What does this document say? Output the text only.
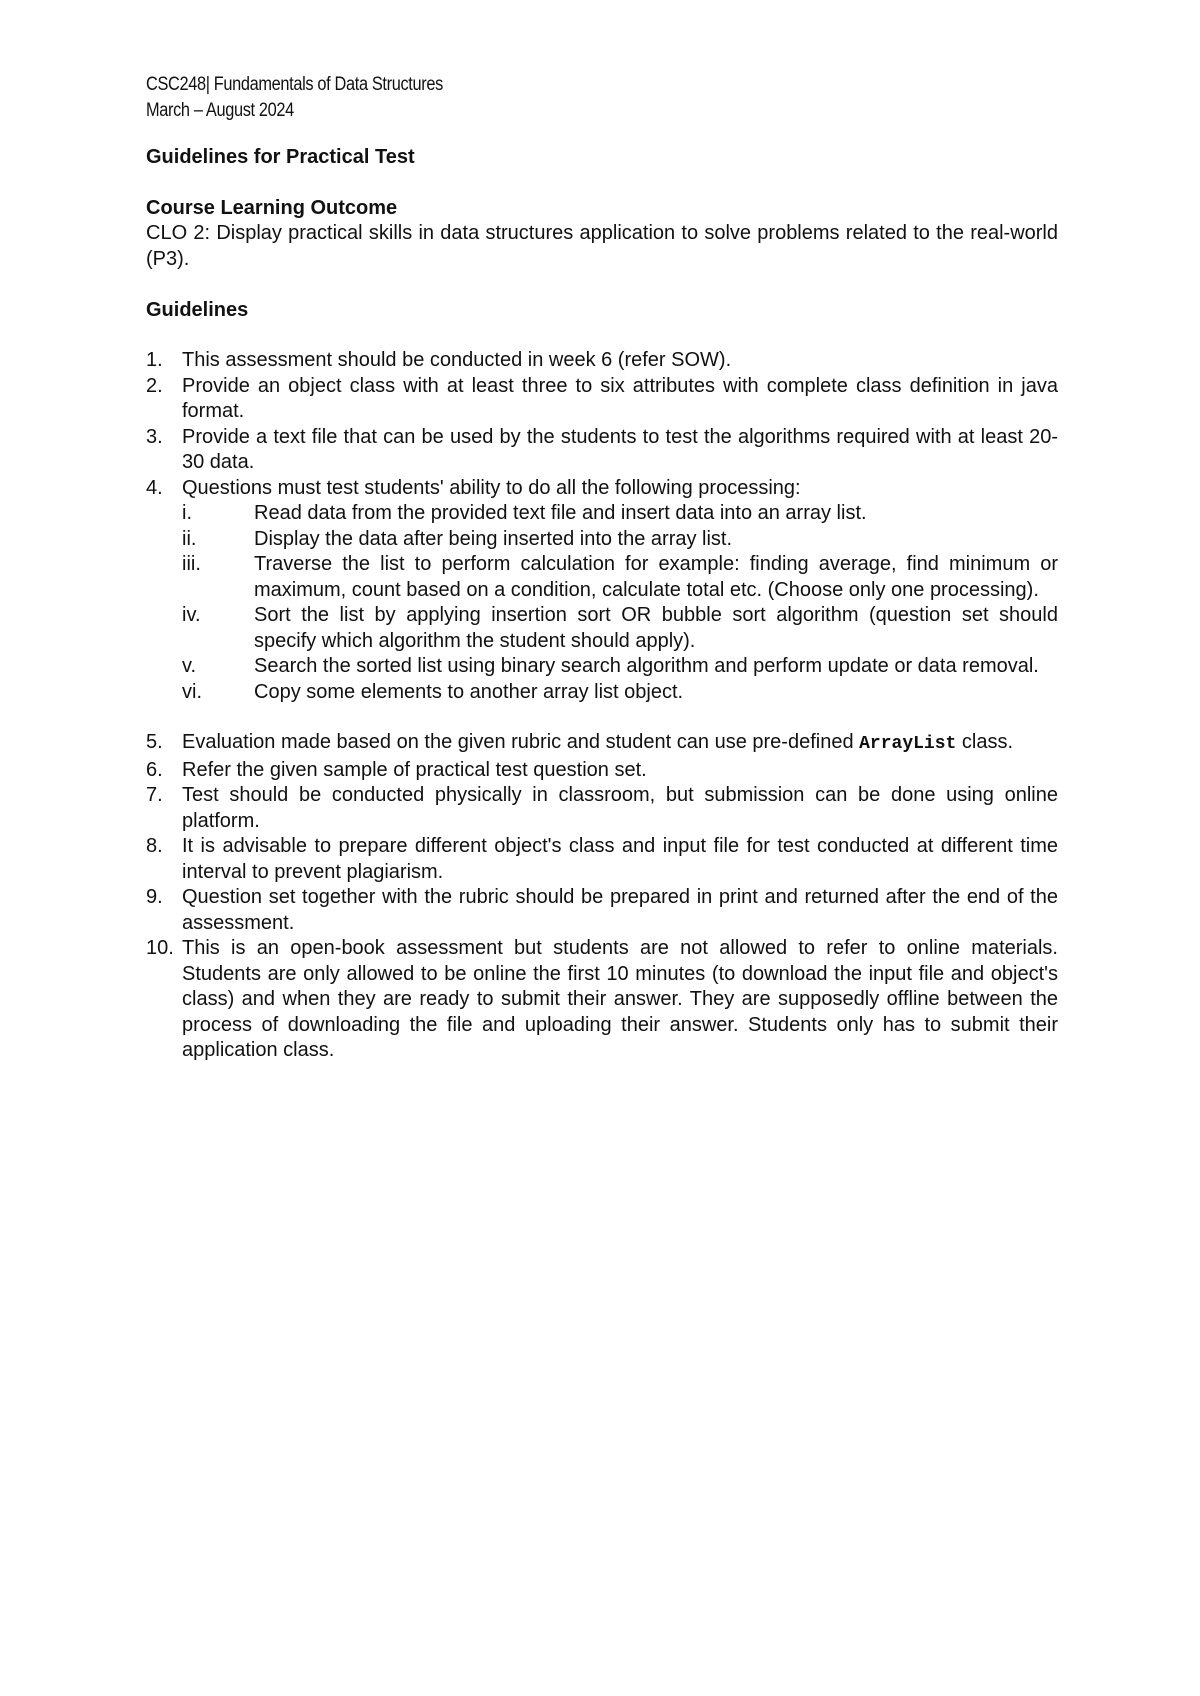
CSC248| Fundamentals of Data Structures
March – August 2024
Guidelines for Practical Test
Course Learning Outcome

CLO 2: Display practical skills in data structures application to solve problems related to the real-world (P3).

Guidelines
1. This assessment should be conducted in week 6 (refer SOW).
2. Provide an object class with at least three to six attributes with complete class definition in java format.
3. Provide a text file that can be used by the students to test the algorithms required with at least 20-30 data.
4. Questions must test students' ability to do all the following processing:
i.	Read data from the provided text file and insert data into an array list.
ii.	Display the data after being inserted into the array list.
iii.	Traverse the list to perform calculation for example: finding average, find minimum or maximum, count based on a condition, calculate total etc. (Choose only one processing).
iv.	Sort the list by applying insertion sort OR bubble sort algorithm (question set should specify which algorithm the student should apply).
v.	Search the sorted list using binary search algorithm and perform update or data removal.
vi.	Copy some elements to another array list object.
5. Evaluation made based on the given rubric and student can use pre-defined ArrayList class.
6. Refer the given sample of practical test question set.
7. Test should be conducted physically in classroom, but submission can be done using online platform.
8. It is advisable to prepare different object's class and input file for test conducted at different time interval to prevent plagiarism.
9. Question set together with the rubric should be prepared in print and returned after the end of the assessment.
10. This is an open-book assessment but students are not allowed to refer to online materials. Students are only allowed to be online the first 10 minutes (to download the input file and object's class) and when they are ready to submit their answer. They are supposedly offline between the process of downloading the file and uploading their answer. Students only has to submit their application class.
